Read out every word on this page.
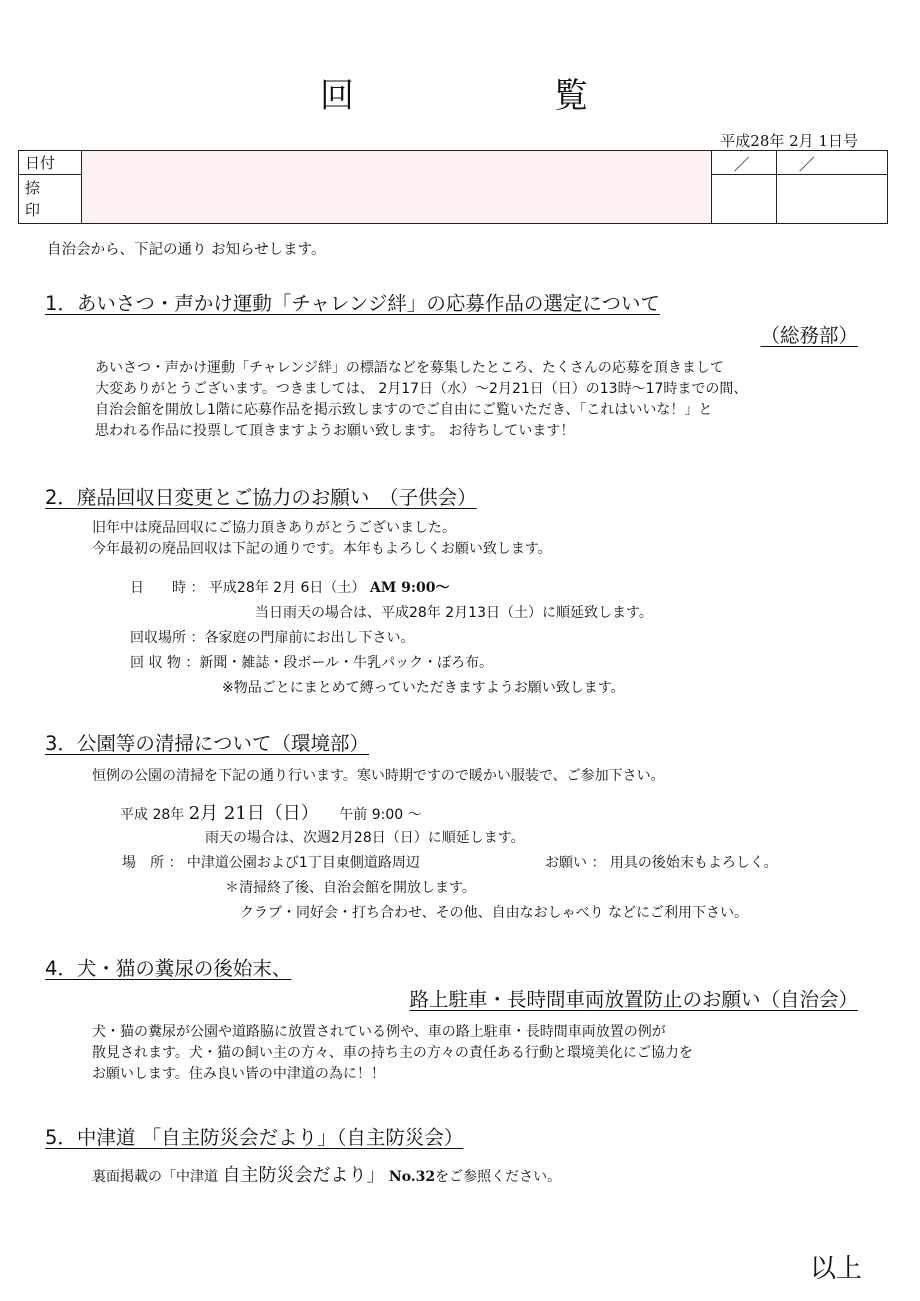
回	覧
平成28年 2月 1日号
日付		／	／

捺
印			
自治会から、下記の通り お知らせします。
1．あいさつ・声かけ運動「チャレンジ絆」の応募作品の選定について
（総務部）
あいさつ・声かけ運動「チャレンジ絆」の標語などを募集したところ、たくさんの応募を頂きまして
大変ありがとうございます。つきましては、 2月17日（水）～2月21日（日）の13時～17時までの間、
自治会館を開放し1階に応募作品を掲示致しますのでご自由にご覧いただき、「これはいいな！」と
思われる作品に投票して頂きますようお願い致します。 お待ちしています！
2．廃品回収日変更とご協力のお願い　（子供会）
旧年中は廃品回収にご協力頂きありがとうございました。
今年最初の廃品回収は下記の通りです。本年もよろしくお願い致します。
日　　時 ： 平成28年 2月 6日（土） AM 9:00～
当日雨天の場合は、平成28年 2月13日（土）に順延致します。
回収場所 ：各家庭の門扉前にお出し下さい。
回 収 物 ：新聞・雑誌・段ボール・牛乳パック・ぼろ布。
※物品ごとにまとめて縛っていただきますようお願い致します。
3．公園等の清掃について（環境部）
恒例の公園の清掃を下記の通り行います。寒い時期ですので暖かい服装で、ご参加下さい。
平成 28年 2月 21日（日） 午前 9:00 ～
雨天の場合は、次週2月28日（日）に順延します。
場　所 ： 中津道公園および1丁目東側道路周辺	お願い ： 用具の後始末もよろしく。
＊清掃終了後、自治会館を開放します。
クラブ・同好会・打ち合わせ、その他、自由なおしゃべり などにご利用下さい。
4．犬・猫の糞尿の後始末、
路上駐車・長時間車両放置防止のお願い（自治会）
犬・猫の糞尿が公園や道路脇に放置されている例や、車の路上駐車・長時間車両放置の例が
散見されます。犬・猫の飼い主の方々、車の持ち主の方々の責任ある行動と環境美化にご協力を
お願いします。住み良い皆の中津道の為に！！
5．中津道 「自主防災会だより」（自主防災会）
裏面掲載の「中津道 自主防災会だより」 No.32をご参照ください。
以上
